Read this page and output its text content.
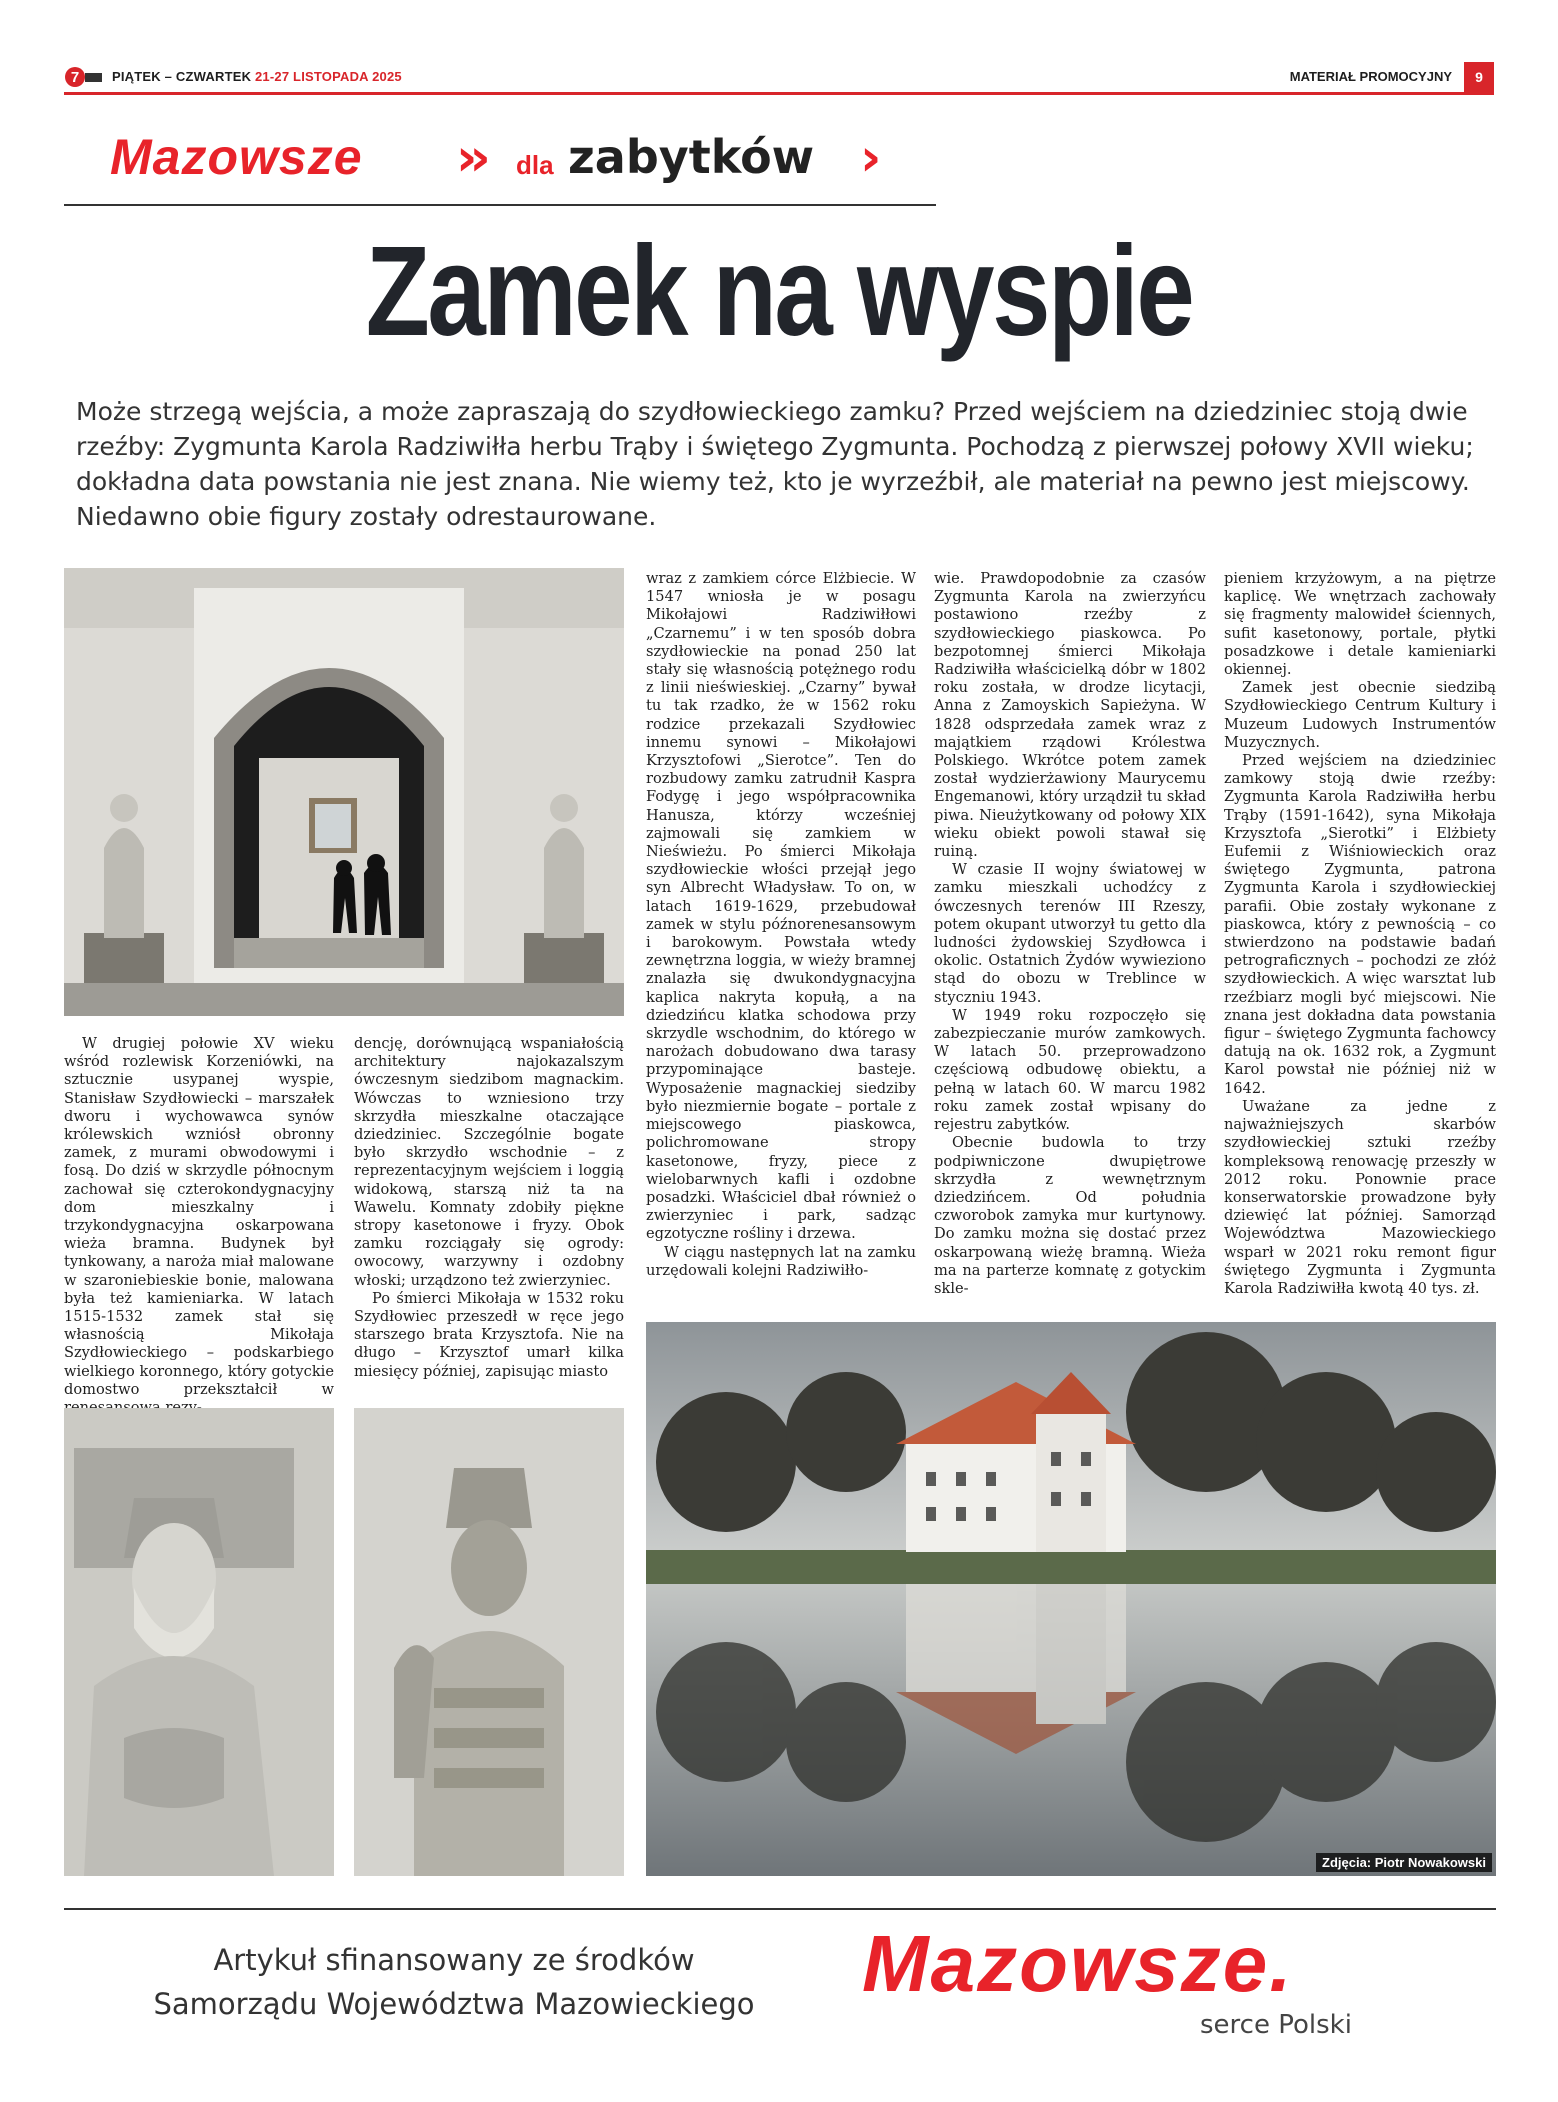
7	PIĄTEK – CZWARTEK 21-27 LISTOPADA 2025	MATERIAŁ PROMOCYJNY	9
Mazowsze ›› dla zabytków ›
Zamek na wyspie
Może strzegą wejścia, a może zapraszają do szydłowieckiego zamku? Przed wejściem na dziedziniec stoją dwie rzeźby: Zygmunta Karola Radziwiłła herbu Trąby i świętego Zygmunta. Pochodzą z pierwszej połowy XVII wieku; dokładna data powstania nie jest znana. Nie wiemy też, kto je wyrzeźbił, ale materiał na pewno jest miejscowy. Niedawno obie figury zostały odrestaurowane.

W drugiej połowie XV wieku wśród rozlewisk Korzeniówki, na sztucznie usypanej wyspie, Stanisław Szydłowiecki – marszałek dworu i wychowawca synów królewskich wzniósł obronny zamek, z murami obwodowymi i fosą. Do dziś w skrzydle północnym zachował się czterokondygnacyjny dom mieszkalny i trzykondygnacyjna oskarpowana wieża bramna. Budynek był tynkowany, a naroża miał malowane w szaroniebieskie bonie, malowana była też kamieniarka. W latach 1515-1532 zamek stał się własnością Mikołaja Szydłowieckiego – podskarbiego wielkiego koronnego, który gotyckie domostwo przekształcił w

dencję, dorównującą wspaniałością architektury najokazalszym ówczesnym siedzibom magnackim. Wówczas to wzniesiono trzy skrzydła mieszkalne otaczające dziedziniec. Szczególnie bogate było skrzydło wschodnie – z reprezentacyjnym wejściem i loggią widokową, starszą niż ta na Wawelu. Komnaty zdobiły piękne stropy kasetonowe i fryzy. Obok zamku rozciągały się ogrody: owocowy, warzywny i ozdobny włoski; urządzono też zwierzyniec.

Po śmierci Mikołaja w 1532 roku Szydłowiec przeszedł w ręce jego starszego brata Krzysztofa. Nie na długo – Krzysztof umarł kilka miesięcy później, zapisując miasto

wraz z zamkiem córce Elżbiecie. W 1547 wniosła je w posagu Mikołajowi Radziwiłłowi „Czarnemu” i w ten sposób dobra szydłowieckie na ponad 250 lat stały się własnością potężnego rodu z linii nieświeskiej. „Czarny” bywał tu tak rzadko, że w 1562 roku rodzice przekazali Szydłowiec innemu synowi – Mikołajowi Krzysztofowi „Sierotce”. Ten do rozbudowy zamku zatrudnił Kaspra Fodygę i jego współpracownika Hanusza, którzy wcześniej zajmowali się zamkiem w Nieświeżu. Po śmierci Mikołaja szydłowieckie włości przejął jego syn Albrecht Władysław. To on, w latach 1619-1629, przebudował zamek w stylu późnorenesansowym i barokowym. Powstała wtedy zewnętrzna loggia, w wieży bramnej znalazła się dwukondygnacyjna kaplica nakryta kopułą, a na dziedzińcu klatka schodowa przy skrzydle wschodnim, do którego w narożach dobudowano dwa tarasy przypominające basteje. Wyposażenie magnackiej siedziby było niezmiernie bogate – portale z miejscowego piaskowca, polichromowane stropy kasetonowe, fryzy, piece z wielobarwnych kafli i ozdobne posadzki. Właściciel dbał również o zwierzyniec i park, sadząc egzotyczne rośliny i drzewa.

W ciągu następnych lat na zamku urzędowali kolejni Radziwiłło-

wie. Prawdopodobnie za czasów Zygmunta Karola na zwierzyńcu postawiono rzeźby z szydłowieckiego piaskowca. Po bezpotomnej śmierci Mikołaja Radziwiłła właścicielką dóbr w 1802 roku została, w drodze licytacji, Anna z Zamoyskich Sapieżyna. W 1828 odsprzedała zamek wraz z majątkiem rządowi Królestwa Polskiego. Wkrótce potem zamek został wydzierżawiony Maurycemu Engemanowi, który urządził tu skład piwa. Nieużytkowany od połowy XIX wieku obiekt powoli stawał się ruiną.

W czasie II wojny światowej w zamku mieszkali uchodźcy z ówczesnych terenów III Rzeszy, potem okupant utworzył tu getto dla ludności żydowskiej Szydłowca i okolic. Ostatnich Żydów wywieziono stąd do obozu w Treblince w styczniu 1943.

W 1949 roku rozpoczęło się zabezpieczanie murów zamkowych. W latach 50. przeprowadzono częściową odbudowę obiektu, a pełną w latach 60. W marcu 1982 roku zamek został wpisany do rejestru zabytków.

Obecnie budowla to trzy podpiwniczone dwupiętrowe skrzydła z wewnętrznym dziedzińcem. Od południa czworobok zamyka mur kurtynowy. Do zamku można się dostać przez oskarpowaną wieżę bramną. Wieża ma na parterze komnatę z gotyckim skle-

pieniem krzyżowym, a na piętrze kaplicę. We wnętrzach zachowały się fragmenty malowideł ściennych, sufit kasetonowy, portale, płytki posadzkowe i detale kamieniarki okiennej.

Zamek jest obecnie siedzibą Szydłowieckiego Centrum Kultury i Muzeum Ludowych Instrumentów Muzycznych.

Przed wejściem na dziedziniec zamkowy stoją dwie rzeźby: Zygmunta Karola Radziwiłła herbu Trąby (1591-1642), syna Mikołaja Krzysztofa „Sierotki” i Elżbiety Eufemii z Wiśniowieckich oraz świętego Zygmunta, patrona Zygmunta Karola i szydłowieckiej parafii. Obie zostały wykonane z piaskowca, który z pewnością – co stwierdzono na podstawie badań petrograficznych – pochodzi ze złóż szydłowieckich. A więc warsztat lub rzeźbiarz mogli być miejscowi. Nie znana jest dokładna data powstania figur – świętego Zygmunta fachowcy datują na ok. 1632 rok, a Zygmunt Karol powstał nie później niż w 1642.

Uważane za jedne z najważniejszych skarbów szydłowieckiej sztuki rzeźby kompleksową renowację przeszły w 2012 roku. Ponownie prace konserwatorskie prowadzone były dziewięć lat później. Samorząd Województwa Mazowieckiego wsparł w 2021 roku remont figur świętego Zygmunta i Zygmunta Karola Radziwiłła kwotą 40 tys. zł.

Zdjęcia: Piotr Nowakowski
Artykuł sfinansowany ze środków
Samorządu Województwa Mazowieckiego	Mazowsze.
serce Polski
